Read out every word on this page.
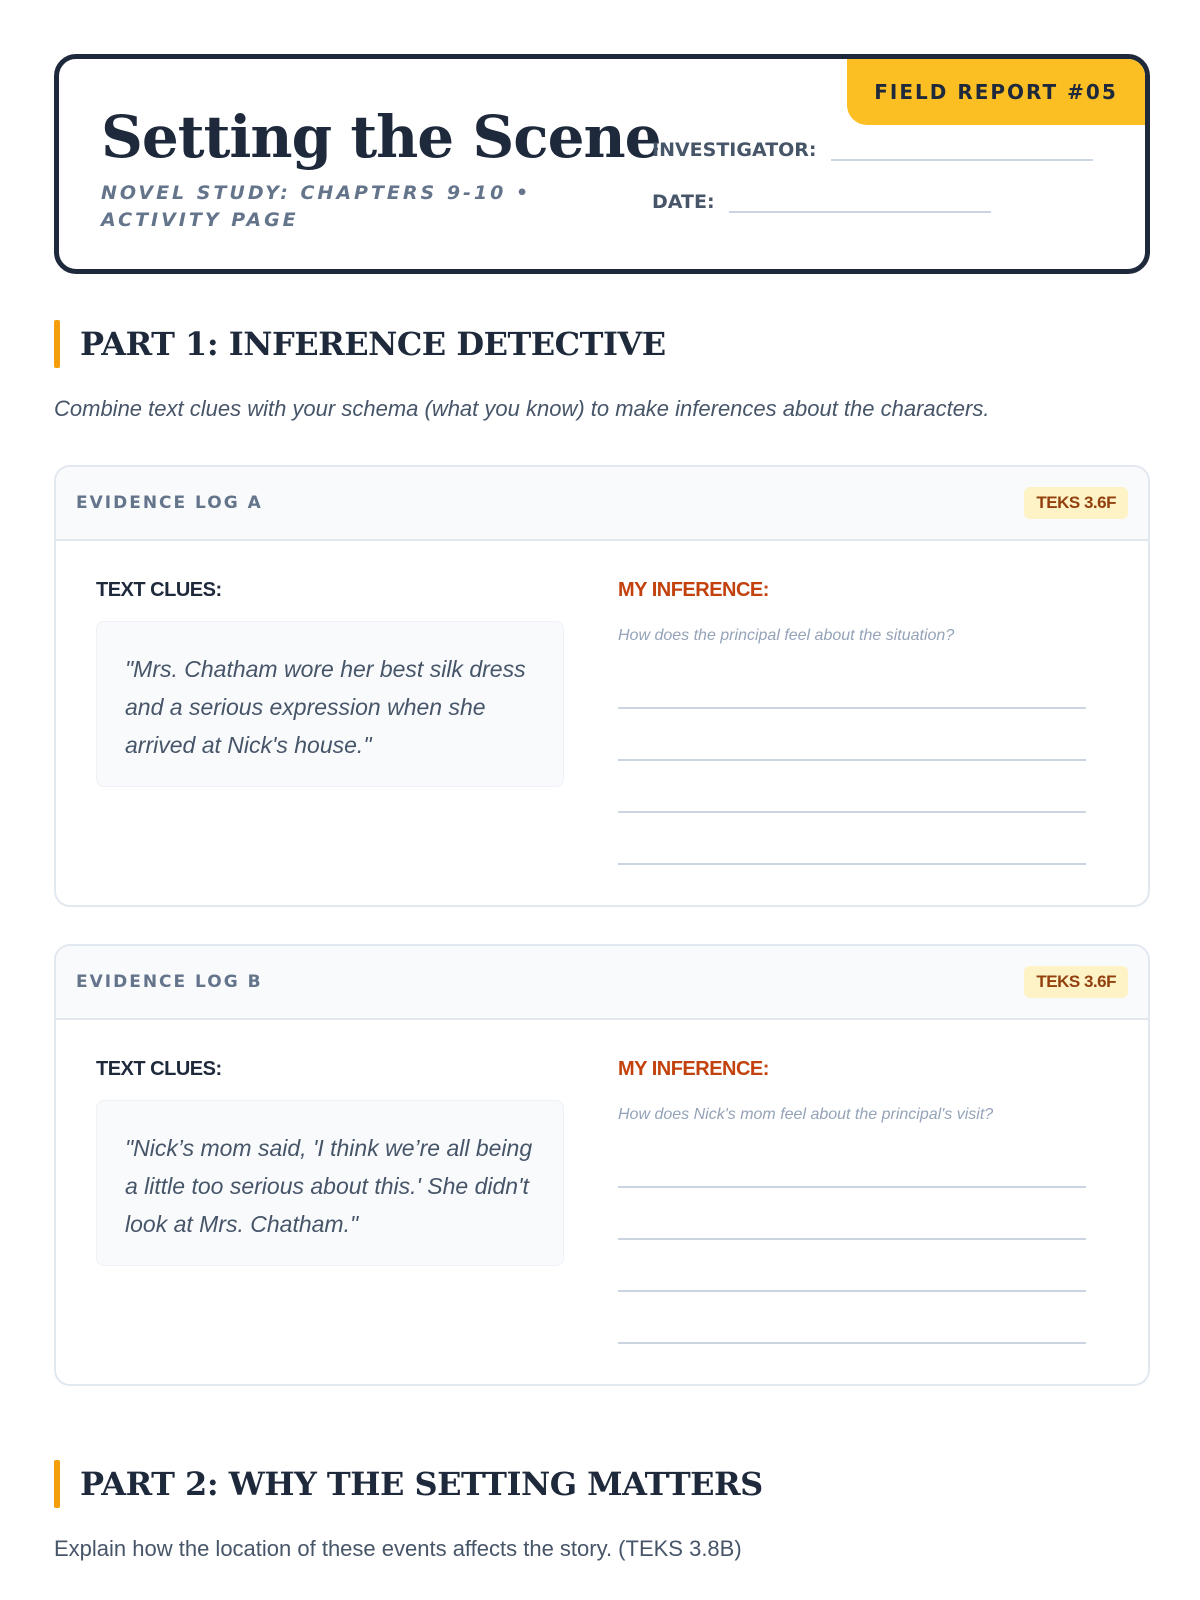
FIELD REPORT #05
Setting the Scene
NOVEL STUDY: CHAPTERS 9-10 • ACTIVITY PAGE
INVESTIGATOR:
DATE:
PART 1: INFERENCE DETECTIVE

Combine text clues with your schema (what you know) to make inferences about the characters.

EVIDENCE LOG A	TEKS 3.6F
TEXT CLUES:
"Mrs. Chatham wore her best silk dress and a serious expression when she arrived at Nick's house."
MY INFERENCE:
How does the principal feel about the situation?
EVIDENCE LOG B	TEKS 3.6F
TEXT CLUES:
"Nick’s mom said, 'I think we’re all being a little too serious about this.' She didn't look at Mrs. Chatham."
MY INFERENCE:
How does Nick's mom feel about the principal's visit?
PART 2: WHY THE SETTING MATTERS

Explain how the location of these events affects the story. (TEKS 3.8B)
